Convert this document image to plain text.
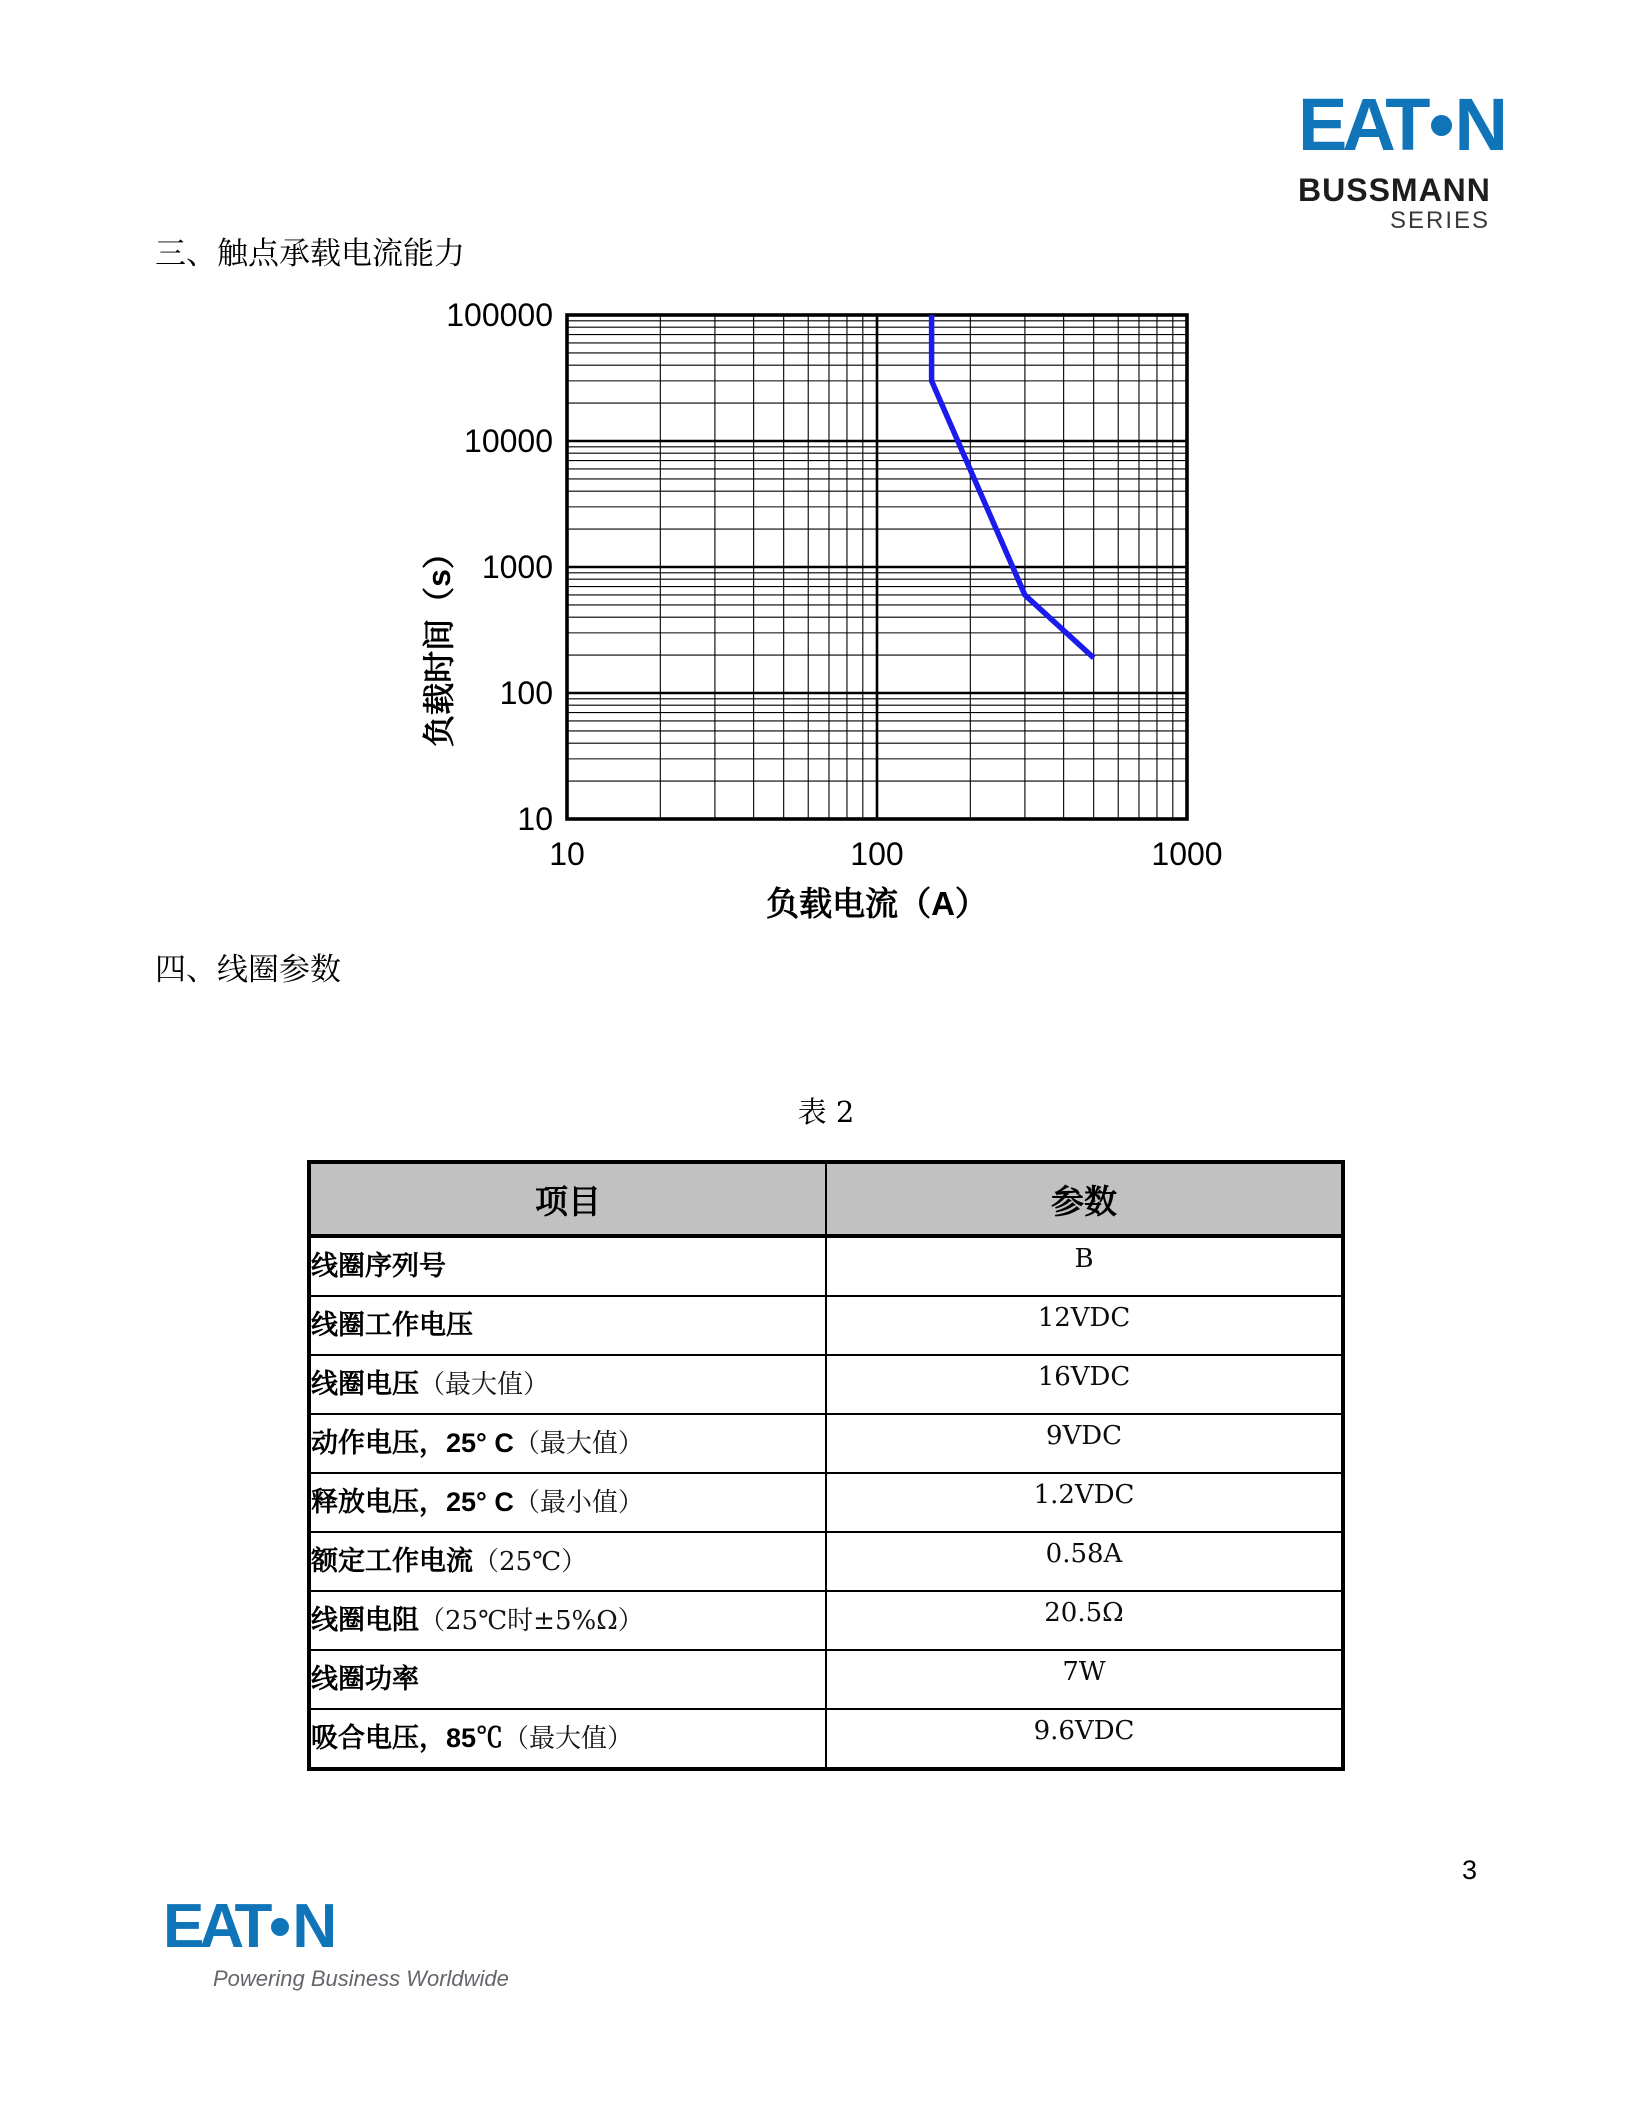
EAT N
BUSSMANN
SERIES
三、触点承载电流能力
10
100
1000
10000
100000
10	100	1000
负载电流（A）
负载时间（s）
四、线圈参数
表 2
项目	参数
线圈序列号	B
线圈工作电压	12VDC
线圈电压（最大值）	16VDC
动作电压，25° C（最大值）	9VDC
释放电压，25° C（最小值）	1.2VDC
额定工作电流（25℃）	0.58A
线圈电阻（25℃时±5%Ω）	20.5Ω
线圈功率	7W
吸合电压，85℃（最大值）	9.6VDC
3
EAT N
Powering Business Worldwide
